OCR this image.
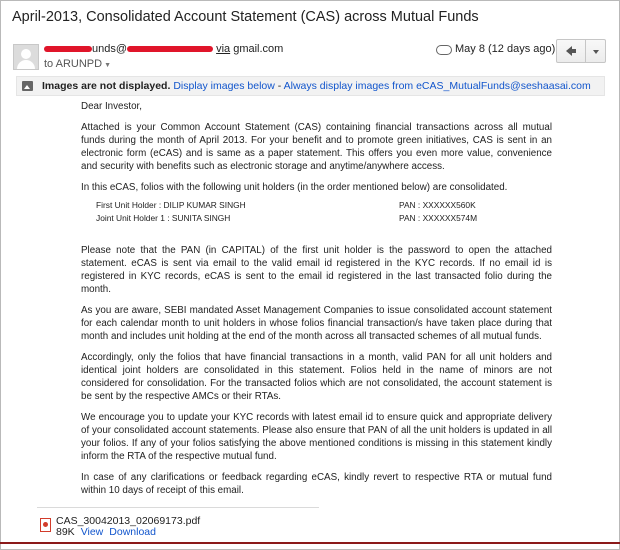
April-2013, Consolidated Account Statement (CAS) across Mutual Funds
unds@	via gmail.com
to ARUNPD ▼
May 8 (12 days ago)
Images are not displayed. Display images below - Always display images from eCAS_MutualFunds@seshaasai.com

Dear Investor,

Attached is your Common Account Statement (CAS) containing financial transactions across all mutual funds during the month of April 2013. For your benefit and to promote green initiatives, CAS is sent in an electronic form (eCAS) and is same as a paper statement. This offers you even more value, convenience and security with benefits such as electronic storage and anytime/anywhere access.

In this eCAS, folios with the following unit holders (in the order mentioned below) are consolidated.

Please note that the PAN (in CAPITAL) of the first unit holder is the password to open the attached statement. eCAS is sent via email to the valid email id registered in the KYC records. If no email id is registered in KYC records, eCAS is sent to the email id registered in the last transacted folio during the month.

As you are aware, SEBI mandated Asset Management Companies to issue consolidated account statement for each calendar month to unit holders in whose folios financial transaction/s have taken place during that month and includes unit holding at the end of the month across all transacted schemes of all mutual funds.

Accordingly, only the folios that have financial transactions in a month, valid PAN for all unit holders and identical joint holders are consolidated in this statement. Folios held in the name of minors are not considered for consolidation. For the transacted folios which are not consolidated, the account statement is be sent by the respective AMCs or their RTAs.

We encourage you to update your KYC records with latest email id to ensure quick and appropriate delivery of your consolidated account statements. Please also ensure that PAN of all the unit holders is updated in all your folios. If any of your folios satisfying the above mentioned conditions is missing in this statement kindly inform the RTA of the respective mutual fund.

In case of any clarifications or feedback regarding eCAS, kindly revert to respective RTA or mutual fund within 10 days of receipt of this email.

First Unit Holder : DILIP KUMAR SINGH	PAN : XXXXXX560K
Joint Unit Holder 1 : SUNITA SINGH	PAN : XXXXXX574M
CAS_30042013_02069173.pdf
89K View Download
